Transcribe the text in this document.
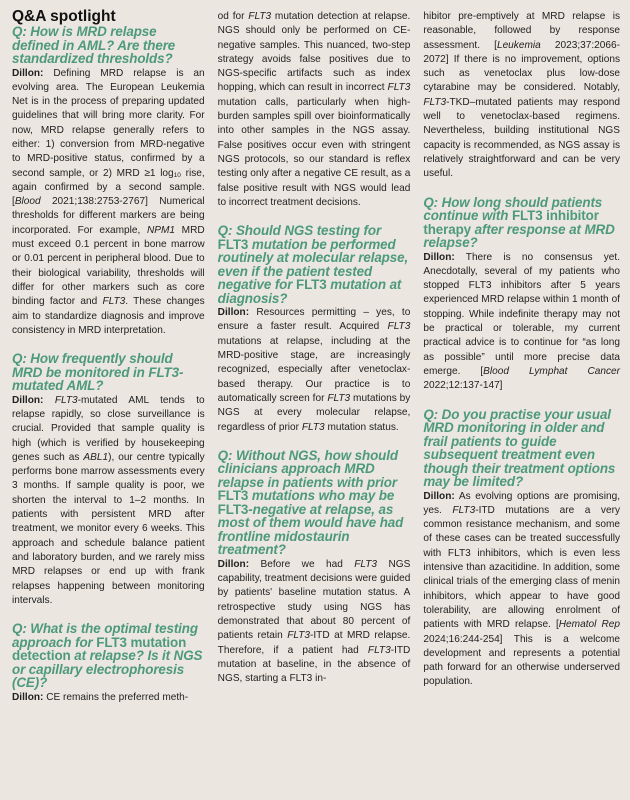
Q&A spotlight

Q: How is MRD relapse defined in AML? Are there standardized thresholds?

Dillon: Defining MRD relapse is an evolving area. The European Leukemia Net is in the process of preparing updated guidelines that will bring more clarity. For now, MRD relapse generally refers to either: 1) conversion from MRD-negative to MRD-positive status, confirmed by a second sample, or 2) MRD ≥1 $\log_{10}$ rise, again confirmed by a second sample. [Blood 2021;138:2753-2767] Numerical thresholds for different markers are being incorporated. For example, NPM1 MRD must exceed 0.1 percent in bone marrow or 0.01 percent in peripheral blood. Due to their biological variability, thresholds will differ for other markers such as core binding factor and FLT3. These changes aim to standardize diagnosis and improve consistency in MRD interpretation.

Q: How frequently should MRD be monitored in FLT3-mutated AML?

Dillon: FLT3-mutated AML tends to relapse rapidly, so close surveillance is crucial. Provided that sample quality is high (which is verified by housekeeping genes such as ABL1), our centre typically performs bone marrow assessments every 3 months. If sample quality is poor, we shorten the interval to 1–2 months. In patients with persistent MRD after treatment, we monitor every 6 weeks. This approach and schedule balance patient and laboratory burden, and we rarely miss MRD relapses or end up with frank relapses happening between monitoring intervals.

Q: What is the optimal testing approach for FLT3 mutation detection at relapse? Is it NGS or capillary electrophoresis (CE)?

Dillon: CE remains the preferred meth-

od for FLT3 mutation detection at relapse. NGS should only be performed on CE-negative samples. This nuanced, two-step strategy avoids false positives due to NGS-specific artifacts such as index hopping, which can result in incorrect FLT3 mutation calls, particularly when high-burden samples spill over bioinformatically into other samples in the NGS assay. False positives occur even with stringent NGS protocols, so our standard is reflex testing only after a negative CE result, as a false positive result with NGS would lead to incorrect treatment decisions.

Q: Should NGS testing for FLT3 mutation be performed routinely at molecular relapse, even if the patient tested negative for FLT3 mutation at diagnosis?

Dillon: Resources permitting – yes, to ensure a faster result. Acquired FLT3 mutations at relapse, including at the MRD-positive stage, are increasingly recognized, especially after venetoclax-based therapy. Our practice is to automatically screen for FLT3 mutations by NGS at every molecular relapse, regardless of prior FLT3 mutation status.

Q: Without NGS, how should clinicians approach MRD relapse in patients with prior FLT3 mutations who may be FLT3-negative at relapse, as most of them would have had frontline midostaurin treatment?

Dillon: Before we had FLT3 NGS capability, treatment decisions were guided by patients' baseline mutation status. A retrospective study using NGS has demonstrated that about 80 percent of patients retain FLT3-ITD at MRD relapse. Therefore, if a patient had FLT3-ITD mutation at baseline, in the absence of NGS, starting a FLT3 in-

hibitor pre-emptively at MRD relapse is reasonable, followed by response assessment. [Leukemia 2023;37:2066-2072] If there is no improvement, options such as venetoclax plus low-dose cytarabine may be considered. Notably, FLT3-TKD–mutated patients may respond well to venetoclax-based regimens. Nevertheless, building institutional NGS capacity is recommended, as NGS assay is relatively straightforward and can be very useful.

Q: How long should patients continue with FLT3 inhibitor therapy after response at MRD relapse?

Dillon: There is no consensus yet. Anecdotally, several of my patients who stopped FLT3 inhibitors after 5 years experienced MRD relapse within 1 month of stopping. While indefinite therapy may not be practical or tolerable, my current practical advice is to continue for “as long as possible” until more precise data emerge. [Blood Lymphat Cancer 2022;12:137-147]

Q: Do you practise your usual MRD monitoring in older and frail patients to guide subsequent treatment even though their treatment options may be limited?

Dillon: As evolving options are promising, yes. FLT3-ITD mutations are a very common resistance mechanism, and some of these cases can be treated successfully with FLT3 inhibitors, which is even less intensive than azacitidine. In addition, some clinical trials of the emerging class of menin inhibitors, which appear to have good tolerability, are allowing enrolment of patients with MRD relapse. [Hematol Rep 2024;16:244-254] This is a welcome development and represents a potential path forward for an otherwise underserved population.
